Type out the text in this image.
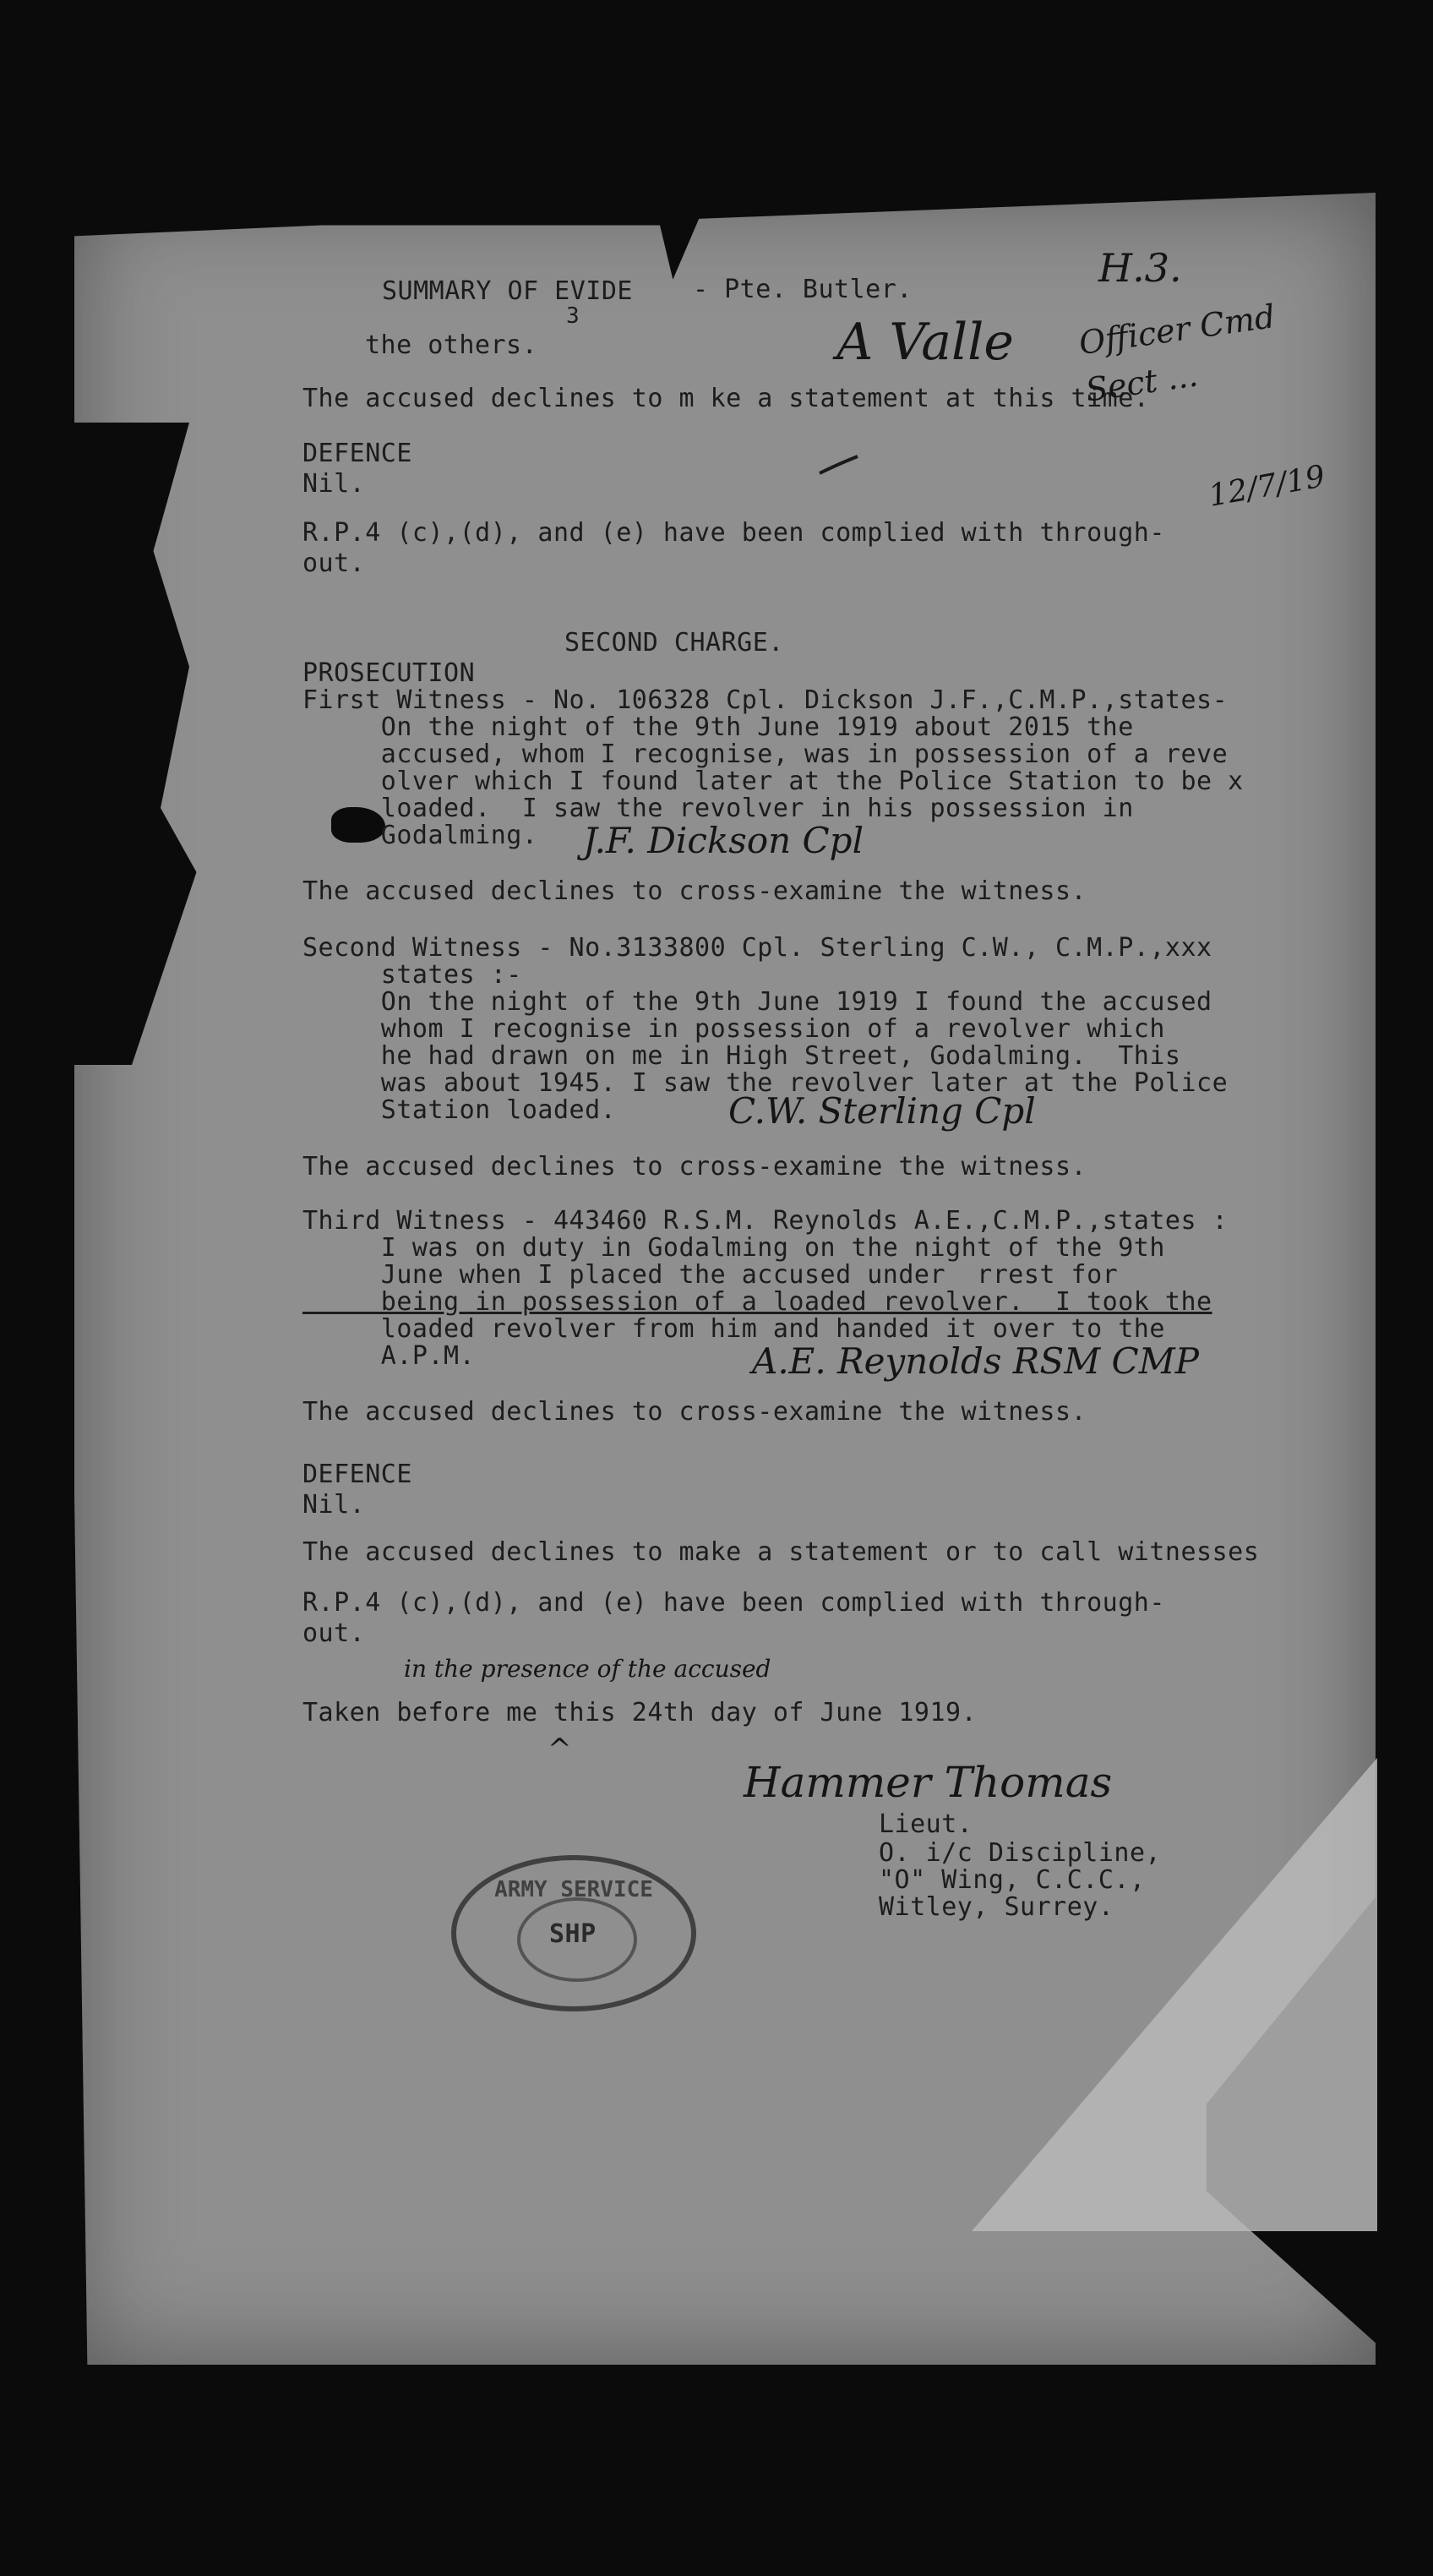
SUMMARY OF EVIDE
3
- Pte. Butler.
the others.
The accused declines to m ke a statement at this time.
DEFENCE
Nil.
R.P.4 (c),(d), and (e) have been complied with through-
out.
SECOND CHARGE.
PROSECUTION
First Witness - No. 106328 Cpl. Dickson J.F.,C.M.P.,states-
On the night of the 9th June 1919 about 2015 the
accused, whom I recognise, was in possession of a reve
olver which I found later at the Police Station to be x
loaded.  I saw the revolver in his possession in
Godalming. J.F. Dickson Cpl
The accused declines to cross-examine the witness.
Second Witness - No.3133800 Cpl. Sterling C.W., C.M.P.,xxx
states :-
On the night of the 9th June 1919 I found the accused
whom I recognise in possession of a revolver which
he had drawn on me in High Street, Godalming.  This
was about 1945. I saw the revolver later at the Police
Station loaded.	C.W. Sterling Cpl
The accused declines to cross-examine the witness.
Third Witness - 443460 R.S.M. Reynolds A.E.,C.M.P.,states :
I was on duty in Godalming on the night of the 9th
June when I placed the accused under  rrest for
being in possession of a loaded revolver.  I took the
loaded revolver from him and handed it over to the
A.P.M.	A.E. Reynolds RSM CMP
The accused declines to cross-examine the witness.
DEFENCE
Nil.
The accused declines to make a statement or to call witnesses
R.P.4 (c),(d), and (e) have been complied with through-
out.
in the presence of the accused
Taken before me this 24th day of June 1919.
^
Hammer Thomas
Lieut.
O. i/c Discipline,
"O" Wing, C.C.C.,
Witley, Surrey.
ARMY SERVICE
SHP
H.3.
A Valle Officer Cmd Sect ...
12/7/19
